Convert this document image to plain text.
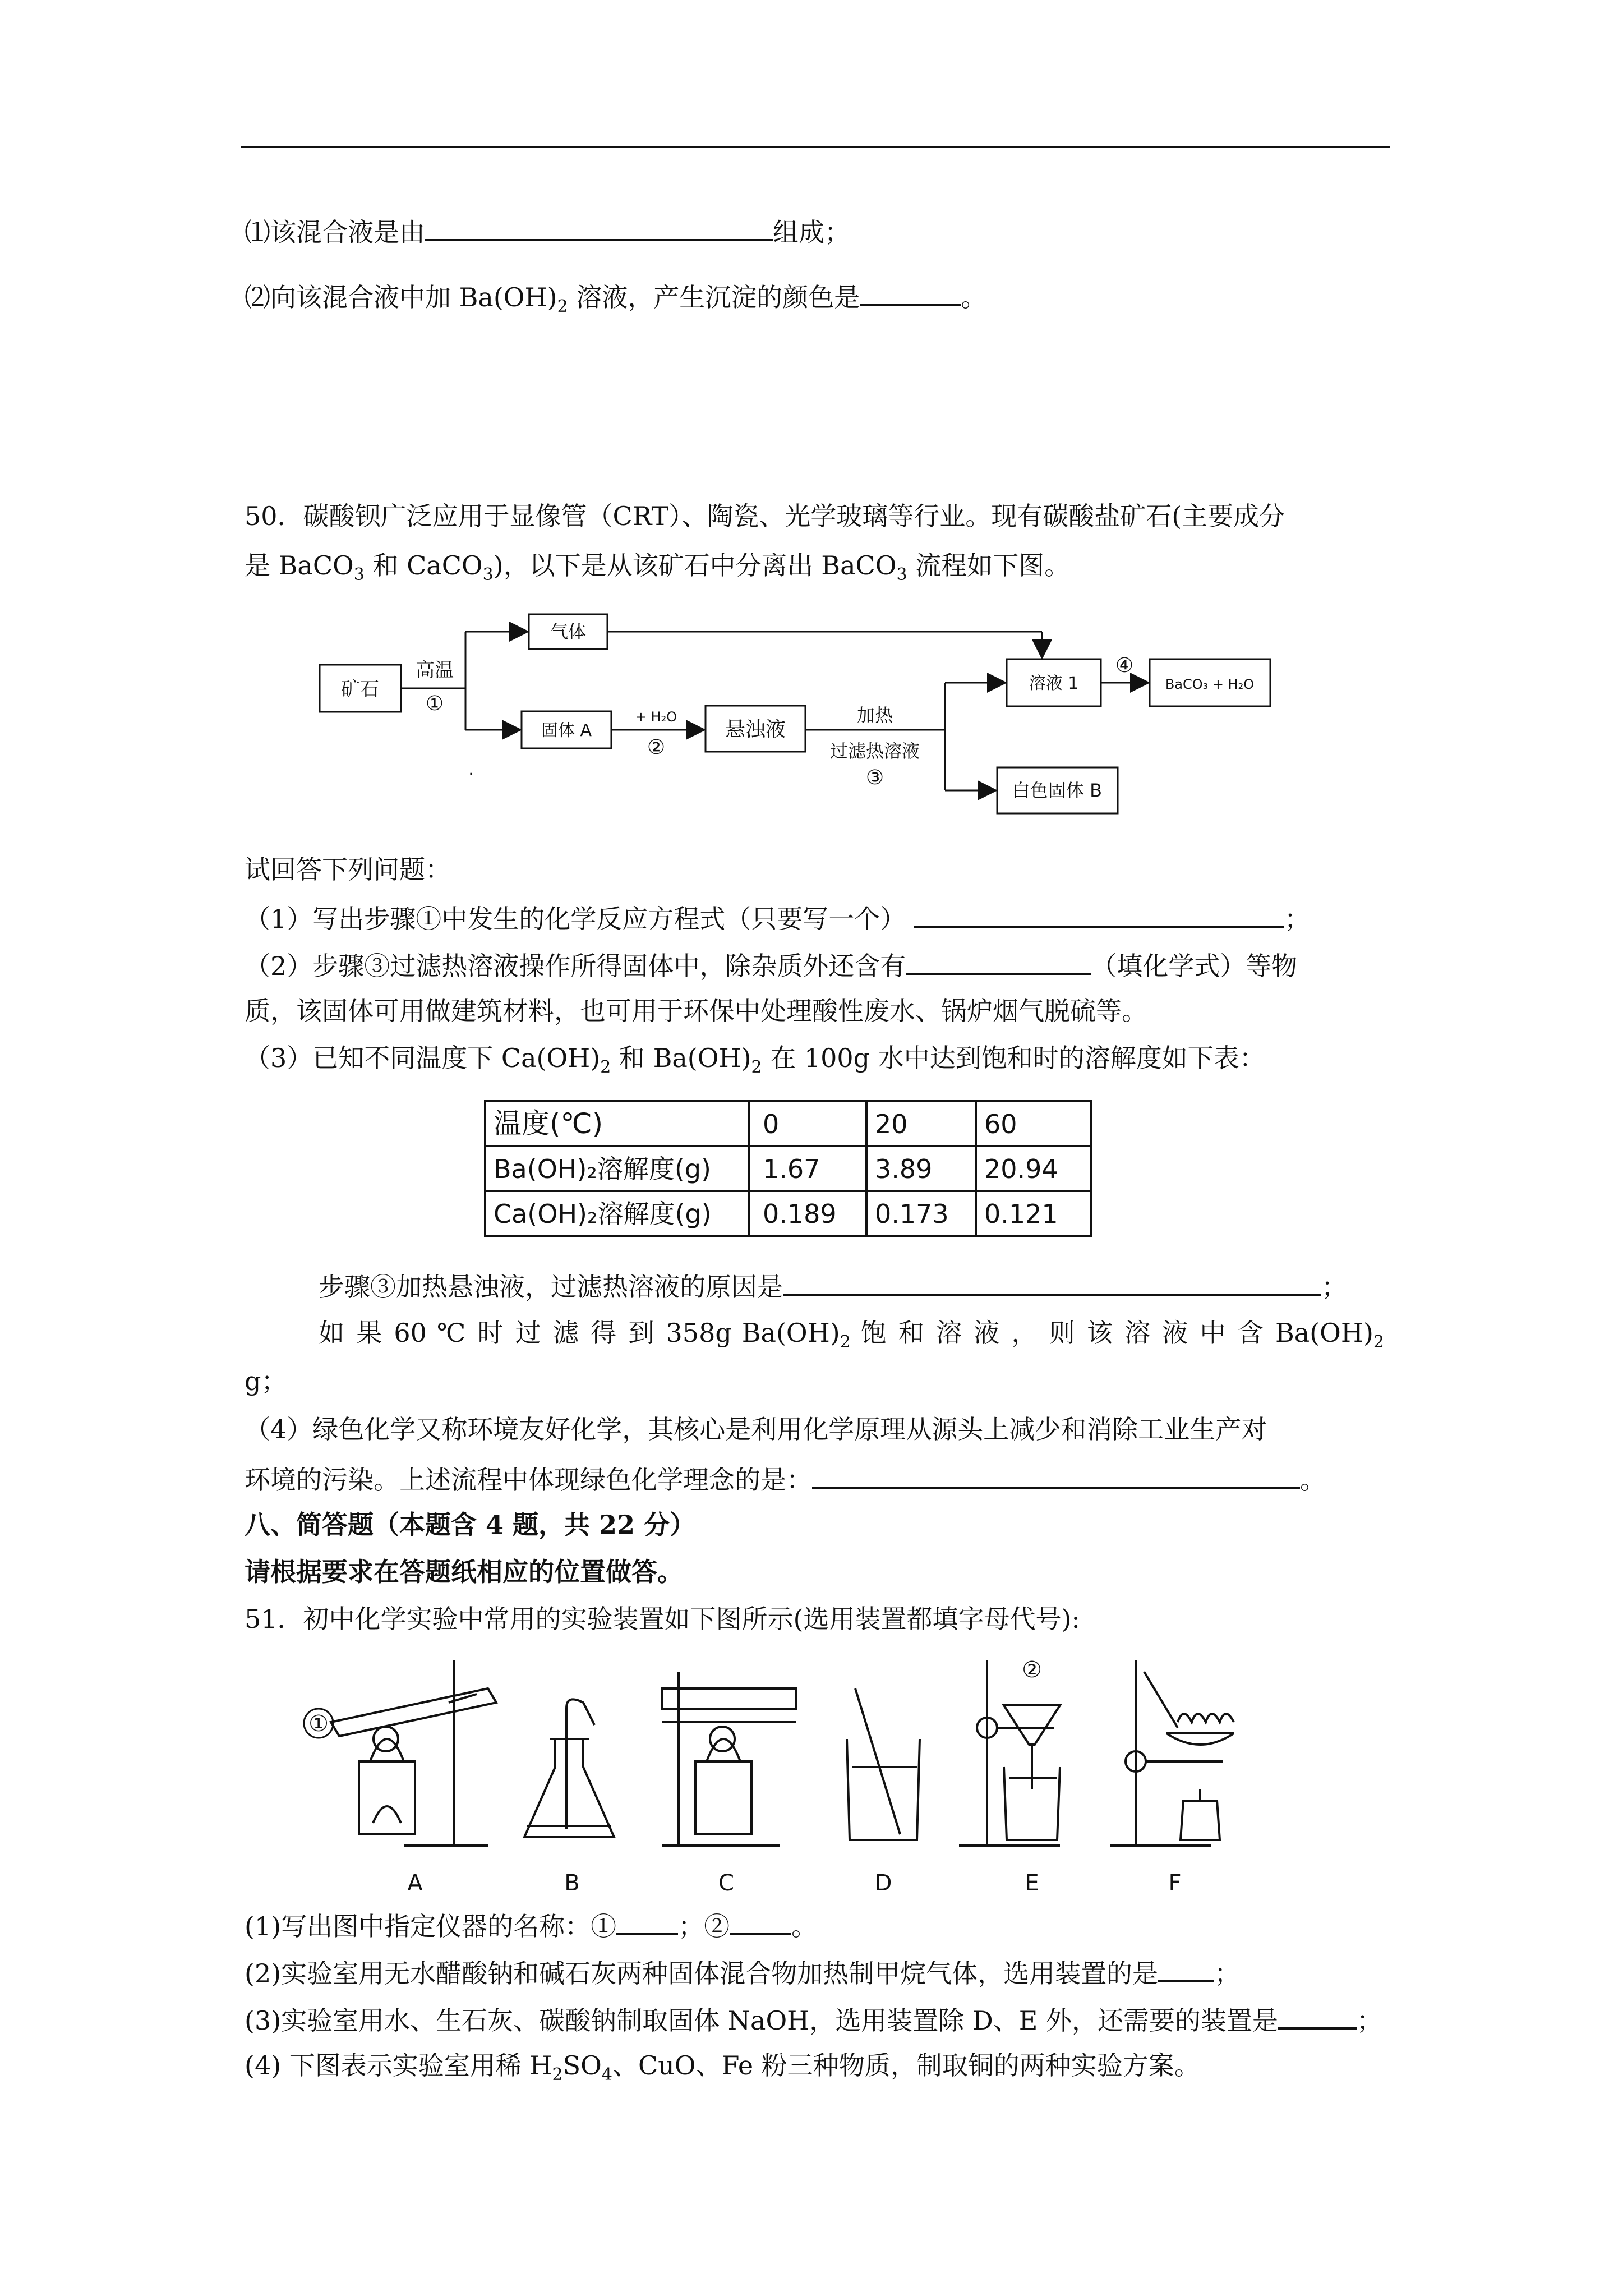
⑴该混合液是由	组成；
⑵向该混合液中加 $Ba(OH)_2$ 溶液，产生沉淀的颜色是	。
50．碳酸钡广泛应用于显像管（CRT）、陶瓷、光学玻璃等行业。现有碳酸盐矿石(主要成分
是 BaCO$_3$ 和 CaCO$_3$)，以下是从该矿石中分离出 BaCO$_3$ 流程如下图。
矿石
高温
①
气体
固体 A
+ H₂O
②
悬浊液
加热
过滤热溶液
③
溶液 1
④
BaCO₃ + H₂O
白色固体 B
·
试回答下列问题：
（1）写出步骤①中发生的化学反应方程式（只要写一个）	；
（2）步骤③过滤热溶液操作所得固体中，除杂质外还含有	（填化学式）等物
质，该固体可用做建筑材料，也可用于环保中处理酸性废水、锅炉烟气脱硫等。
（3）已知不同温度下 $Ca(OH)_2$ 和 $Ba(OH)_2$ 在 100g 水中达到饱和时的溶解度如下表：
温度(℃)	0	20	60
Ba(OH)₂溶解度(g) 1.67 3.89 20.94
Ca(OH)₂溶解度(g) 0.189 0.173 0.121
步骤③加热悬浊液，过滤热溶液的原因是	；
如 果 60 ℃ 时 过 滤 得 到 358g $Ba(OH)_2$ 饱 和 溶 液 ， 则 该 溶 液 中 含 $Ba(OH)_2$
g；
（4）绿色化学又称环境友好化学，其核心是利用化学原理从源头上减少和消除工业生产对
环境的污染。上述流程中体现绿色化学理念的是：	。
八、简答题（本题含 4 题，共 22 分）
请根据要求在答题纸相应的位置做答。
51．初中化学实验中常用的实验装置如下图所示(选用装置都填字母代号):
①
②
A	B	C	D	E	F
(1)写出图中指定仪器的名称：① ；② 。
(2)实验室用无水醋酸钠和碱石灰两种固体混合物加热制甲烷气体，选用装置的是 ；
(3)实验室用水、生石灰、碳酸钠制取固体 NaOH，选用装置除 D、E 外，还需要的装置是	；
(4) 下图表示实验室用稀 $H_2SO_4$、CuO、Fe 粉三种物质，制取铜的两种实验方案。
